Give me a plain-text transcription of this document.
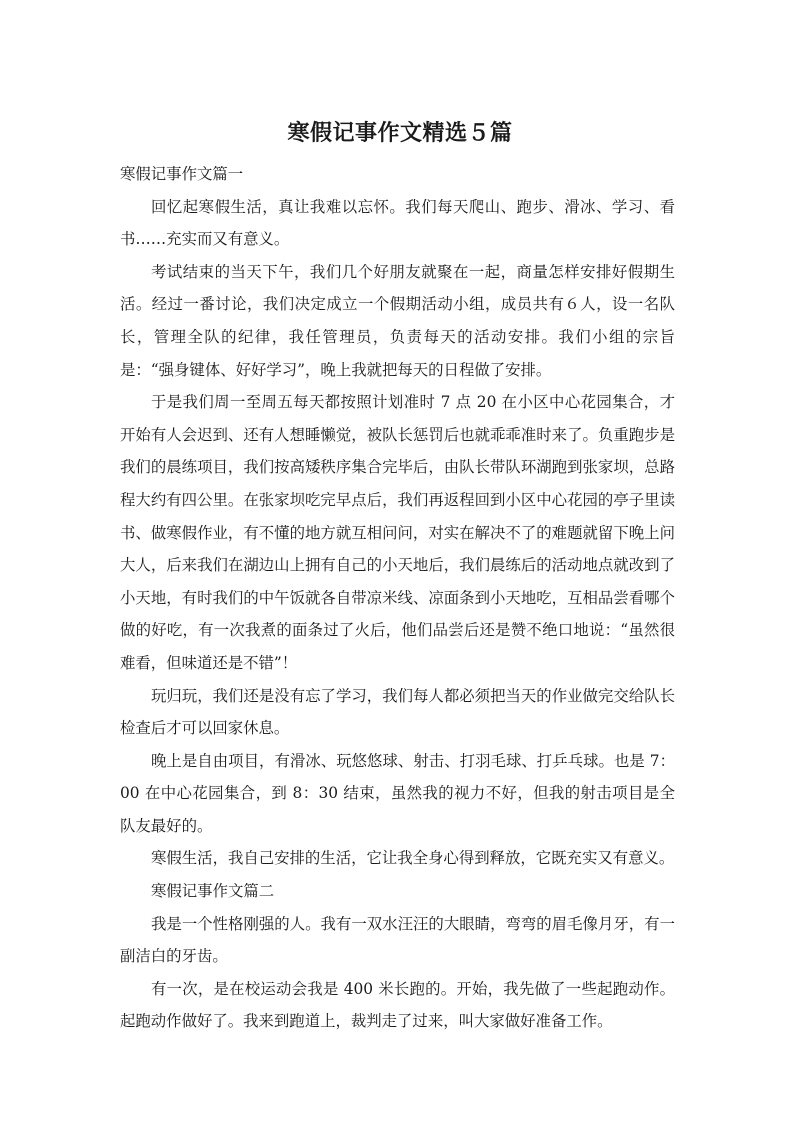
寒假记事作文精选５篇

寒假记事作文篇一

回忆起寒假生活，真让我难以忘怀。我们每天爬山、跑步、滑冰、学习、看书……充实而又有意义。

考试结束的当天下午，我们几个好朋友就聚在一起，商量怎样安排好假期生活。经过一番讨论，我们决定成立一个假期活动小组，成员共有６人，设一名队长，管理全队的纪律，我任管理员，负责每天的活动安排。我们小组的宗旨是：“强身键体、好好学习”，晚上我就把每天的日程做了安排。

于是我们周一至周五每天都按照计划准时 7 点 20 在小区中心花园集合，才开始有人会迟到、还有人想睡懒觉，被队长惩罚后也就乖乖准时来了。负重跑步是我们的晨练项目，我们按高矮秩序集合完毕后，由队长带队环湖跑到张家坝，总路程大约有四公里。在张家坝吃完早点后，我们再返程回到小区中心花园的亭子里读书、做寒假作业，有不懂的地方就互相问问，对实在解决不了的难题就留下晚上问大人，后来我们在湖边山上拥有自己的小天地后，我们晨练后的活动地点就改到了小天地，有时我们的中午饭就各自带凉米线、凉面条到小天地吃，互相品尝看哪个做的好吃，有一次我煮的面条过了火后，他们品尝后还是赞不绝口地说：“虽然很难看，但味道还是不错”！

玩归玩，我们还是没有忘了学习，我们每人都必须把当天的作业做完交给队长检查后才可以回家休息。

晚上是自由项目，有滑冰、玩悠悠球、射击、打羽毛球、打乒乓球。也是 7：00 在中心花园集合，到 8：30 结束，虽然我的视力不好，但我的射击项目是全队友最好的。

寒假生活，我自己安排的生活，它让我全身心得到释放，它既充实又有意义。

寒假记事作文篇二

我是一个性格刚强的人。我有一双水汪汪的大眼睛，弯弯的眉毛像月牙，有一副洁白的牙齿。

有一次，是在校运动会我是 400 米长跑的。开始，我先做了一些起跑动作。起跑动作做好了。我来到跑道上，裁判走了过来，叫大家做好准备工作。
